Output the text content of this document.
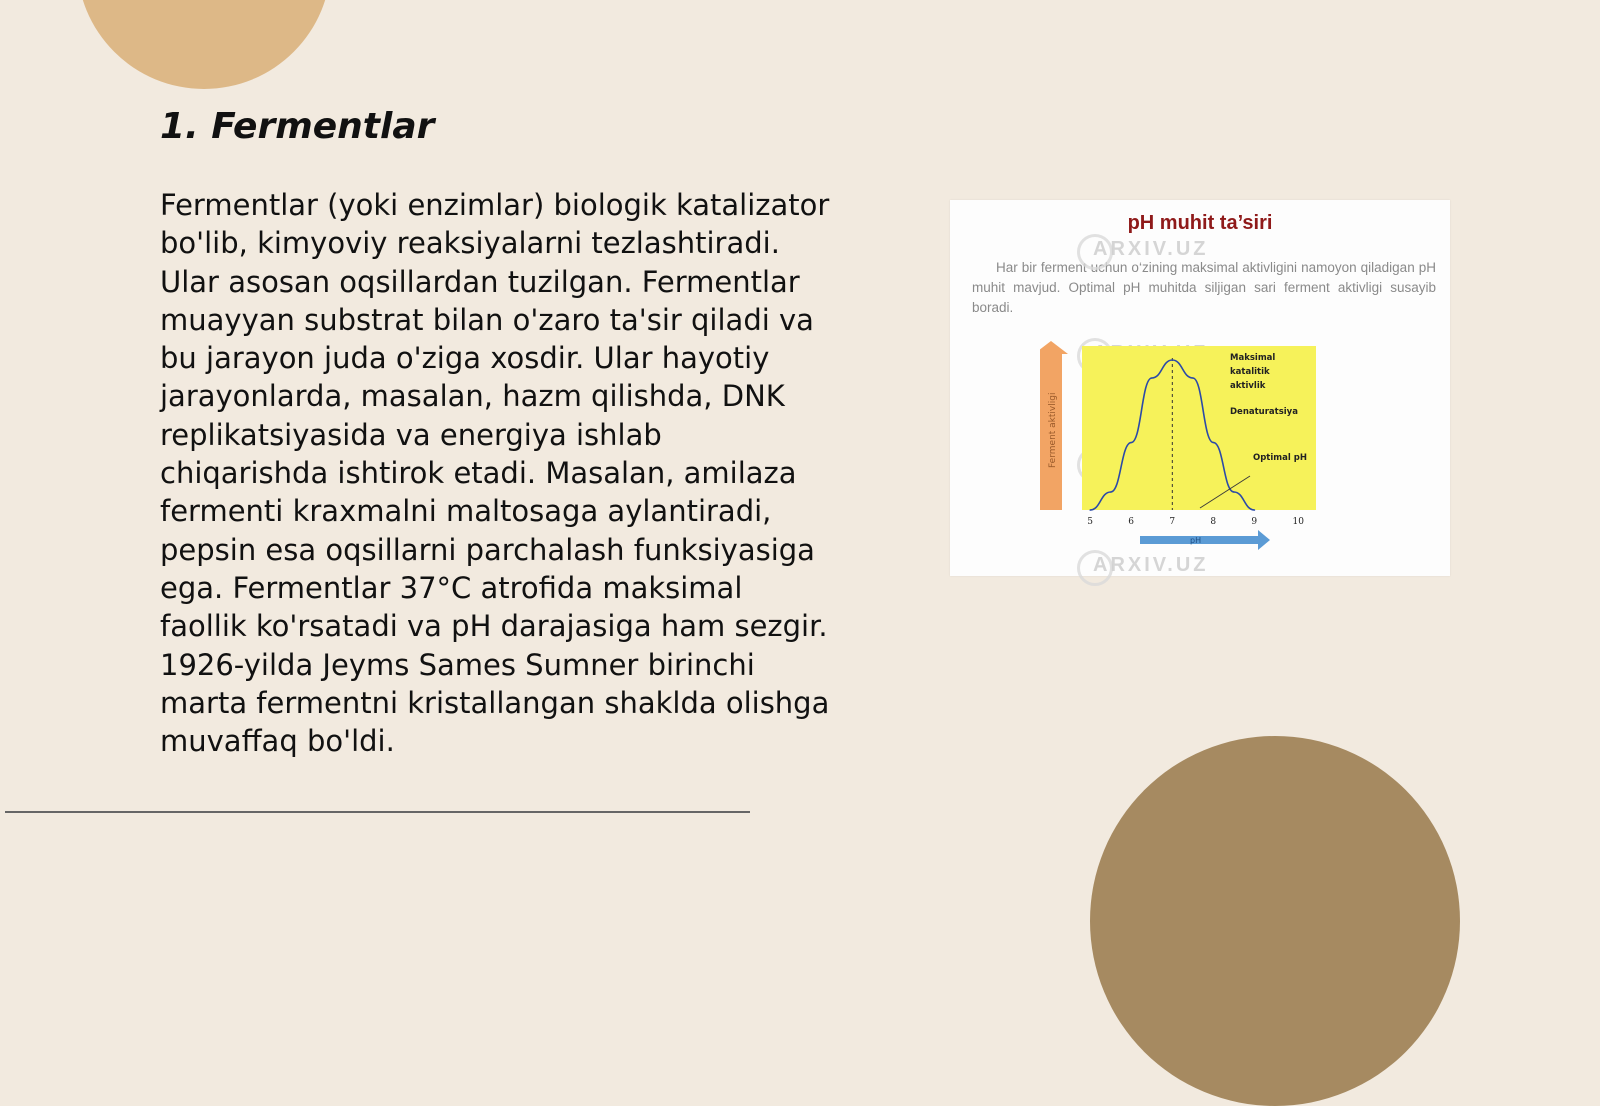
1. Fermentlar

Fermentlar (yoki enzimlar) biologik katalizator bo'lib, kimyoviy reaksiyalarni tezlashtiradi. Ular asosan oqsillardan tuzilgan. Fermentlar muayyan substrat bilan o'zaro ta'sir qiladi va bu jarayon juda o'ziga xosdir. Ular hayotiy jarayonlarda, masalan, hazm qilishda, DNK replikatsiyasida va energiya ishlab chiqarishda ishtirok etadi. Masalan, amilaza fermenti kraxmalni maltosaga aylantiradi, pepsin esa oqsillarni parchalash funksiyasiga ega. Fermentlar 37°C atrofida maksimal faollik ko'rsatadi va pH darajasiga ham sezgir. 1926-yilda Jeyms Sames Sumner birinchi marta fermentni kristallangan shaklda olishga muvaffaq bo'ldi.

pH muhit ta’siri

Har bir ferment uchun o‘zining maksimal aktivligini namoyon qiladigan pH muhit mavjud. Optimal pH muhitda siljigan sari ferment aktivligi susayib boradi.

ARXIV.UZ
ARXIV.UZ
Ferment aktivligi
Maksimal
katalitik
aktivlik
Denaturatsiya
Optimal pH
5	6	7	8	9	10
pH
